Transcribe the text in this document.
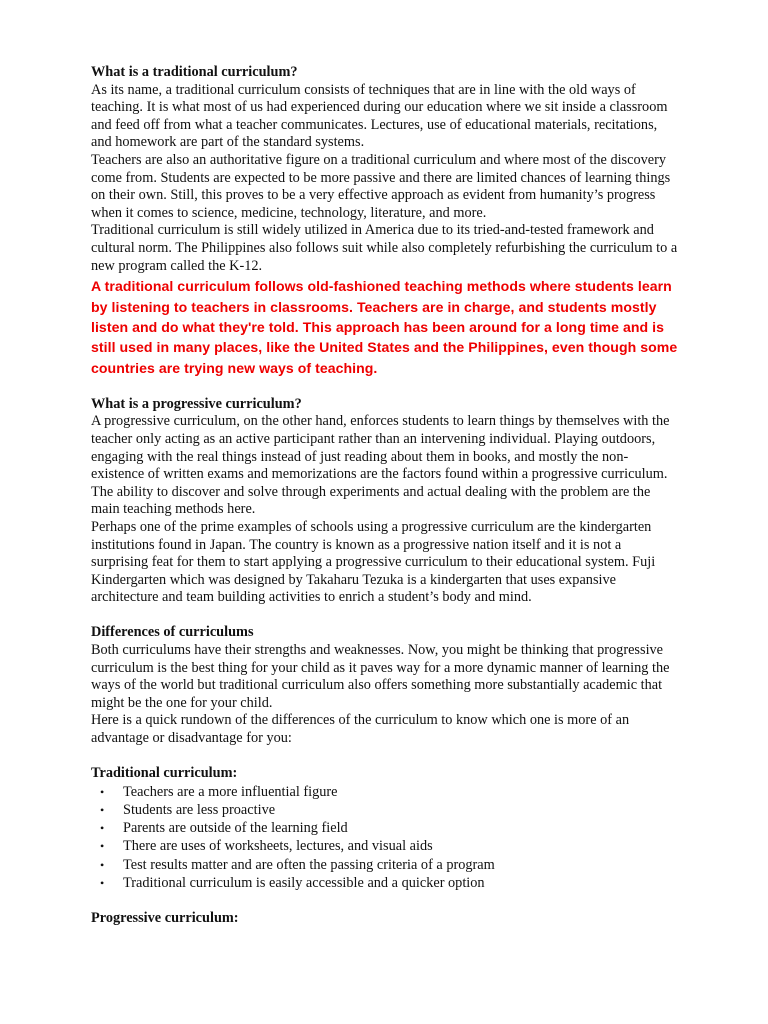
What is a traditional curriculum?

As its name, a traditional curriculum consists of techniques that are in line with the old ways of teaching. It is what most of us had experienced during our education where we sit inside a classroom and feed off from what a teacher communicates. Lectures, use of educational materials, recitations, and homework are part of the standard systems.

Teachers are also an authoritative figure on a traditional curriculum and where most of the discovery come from. Students are expected to be more passive and there are limited chances of learning things on their own. Still, this proves to be a very effective approach as evident from humanity’s progress when it comes to science, medicine, technology, literature, and more.

Traditional curriculum is still widely utilized in America due to its tried-and-tested framework and cultural norm. The Philippines also follows suit while also completely refurbishing the curriculum to a new program called the K-12.

A traditional curriculum follows old-fashioned teaching methods where students learn by listening to teachers in classrooms. Teachers are in charge, and students mostly listen and do what they're told. This approach has been around for a long time and is still used in many places, like the United States and the Philippines, even though some countries are trying new ways of teaching.

What is a progressive curriculum?

A progressive curriculum, on the other hand, enforces students to learn things by themselves with the teacher only acting as an active participant rather than an intervening individual. Playing outdoors, engaging with the real things instead of just reading about them in books, and mostly the non-existence of written exams and memorizations are the factors found within a progressive curriculum. The ability to discover and solve through experiments and actual dealing with the problem are the main teaching methods here.

Perhaps one of the prime examples of schools using a progressive curriculum are the kindergarten institutions found in Japan. The country is known as a progressive nation itself and it is not a surprising feat for them to start applying a progressive curriculum to their educational system. Fuji Kindergarten which was designed by Takaharu Tezuka is a kindergarten that uses expansive architecture and team building activities to enrich a student’s body and mind.

Differences of curriculums

Both curriculums have their strengths and weaknesses. Now, you might be thinking that progressive curriculum is the best thing for your child as it paves way for a more dynamic manner of learning the ways of the world but traditional curriculum also offers something more substantially academic that might be the one for your child.

Here is a quick rundown of the differences of the curriculum to know which one is more of an advantage or disadvantage for you:

Traditional curriculum:
• Teachers are a more influential figure
• Students are less proactive
• Parents are outside of the learning field
• There are uses of worksheets, lectures, and visual aids
• Test results matter and are often the passing criteria of a program
• Traditional curriculum is easily accessible and a quicker option
Progressive curriculum:
